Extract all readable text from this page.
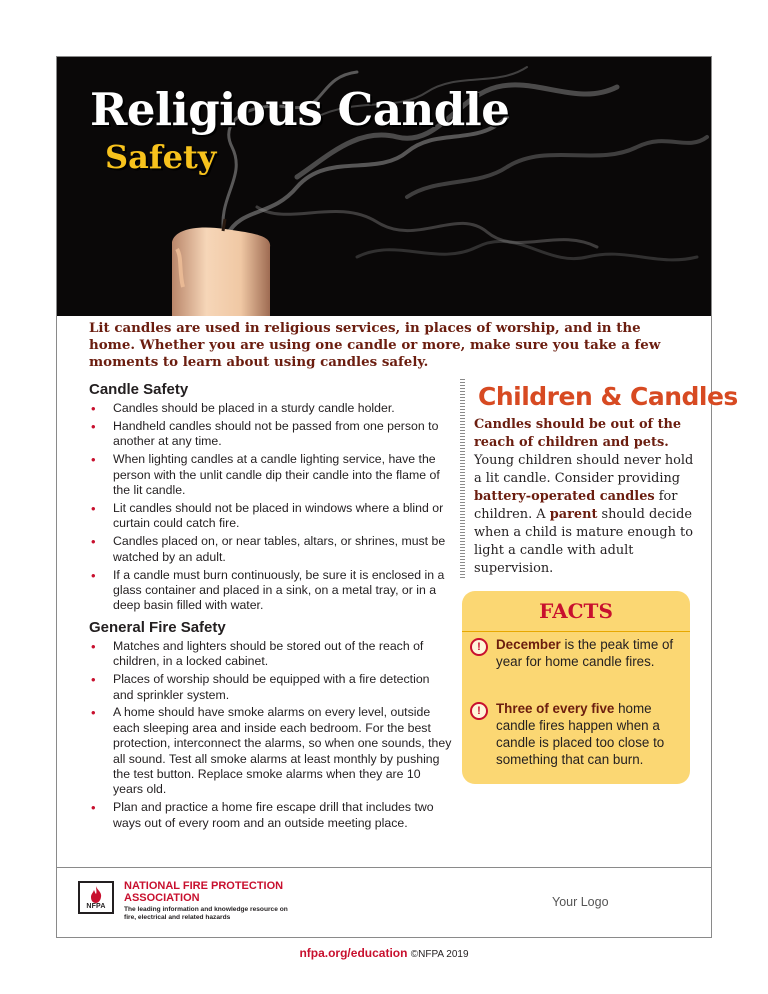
Religious Candle
Safety

Lit candles are used in religious services, in places of worship, and in the home. Whether you are using one candle or more, make sure you take a few moments to learn about using candles safely.

Candle Safety
• Candles should be placed in a sturdy candle holder.
• Handheld candles should not be passed from one person to another at any time.
• When lighting candles at a candle lighting service, have the person with the unlit candle dip their candle into the flame of the lit candle.
• Lit candles should not be placed in windows where a blind or curtain could catch fire.
• Candles placed on, or near tables, altars, or shrines, must be watched by an adult.
• If a candle must burn continuously, be sure it is enclosed in a glass container and placed in a sink, on a metal tray, or in a deep basin filled with water.
General Fire Safety
• Matches and lighters should be stored out of the reach of children, in a locked cabinet.
• Places of worship should be equipped with a fire detection and sprinkler system.
• A home should have smoke alarms on every level, outside each sleeping area and inside each bedroom. For the best protection, interconnect the alarms, so when one sounds, they all sound. Test all smoke alarms at least monthly by pushing the test button. Replace smoke alarms when they are 10 years old.
• Plan and practice a home fire escape drill that includes two ways out of every room and an outside meeting place.
Children & Candles

Candles should be out of the reach of children and pets. Young children should never hold a lit candle. Consider providing battery-operated candles for children. A parent should decide when a child is mature enough to light a candle with adult supervision.

FACTS
!	December is the peak time of year for home candle fires.

!	Three of every five home candle fires happen when a candle is placed too close to something that can burn.

NFPA

NATIONAL FIRE PROTECTION ASSOCIATION

The leading information and knowledge resource on fire, electrical and related hazards

Your Logo

nfpa.org/education ©NFPA 2019
